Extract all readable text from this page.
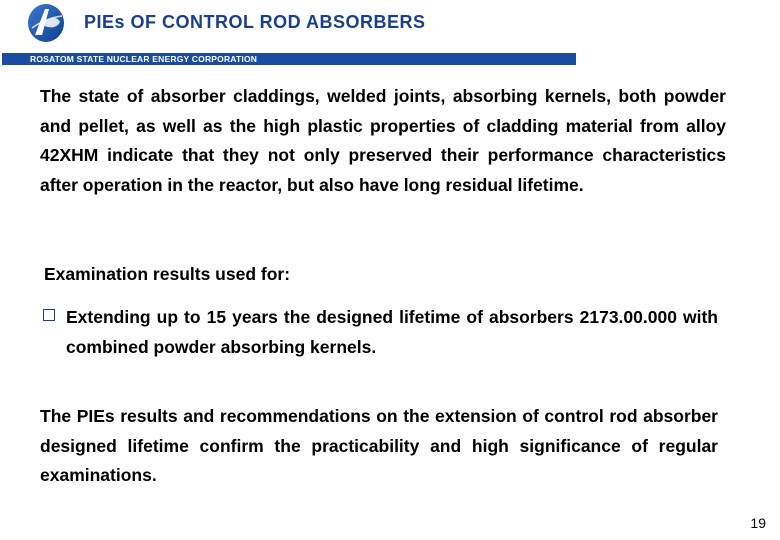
PIEs OF CONTROL ROD ABSORBERS
ROSATOM STATE NUCLEAR ENERGY CORPORATION
The state of absorber claddings, welded joints, absorbing kernels, both powder and pellet, as well as the high plastic properties of cladding material from alloy 42XHM indicate that they not only preserved their performance characteristics after operation in the reactor, but also have long residual lifetime.
Examination results used for:
Extending up to 15 years the designed lifetime of absorbers 2173.00.000 with combined powder absorbing kernels.
The PIEs results and recommendations on the extension of control rod absorber designed lifetime confirm the practicability and high significance of regular examinations.
19
